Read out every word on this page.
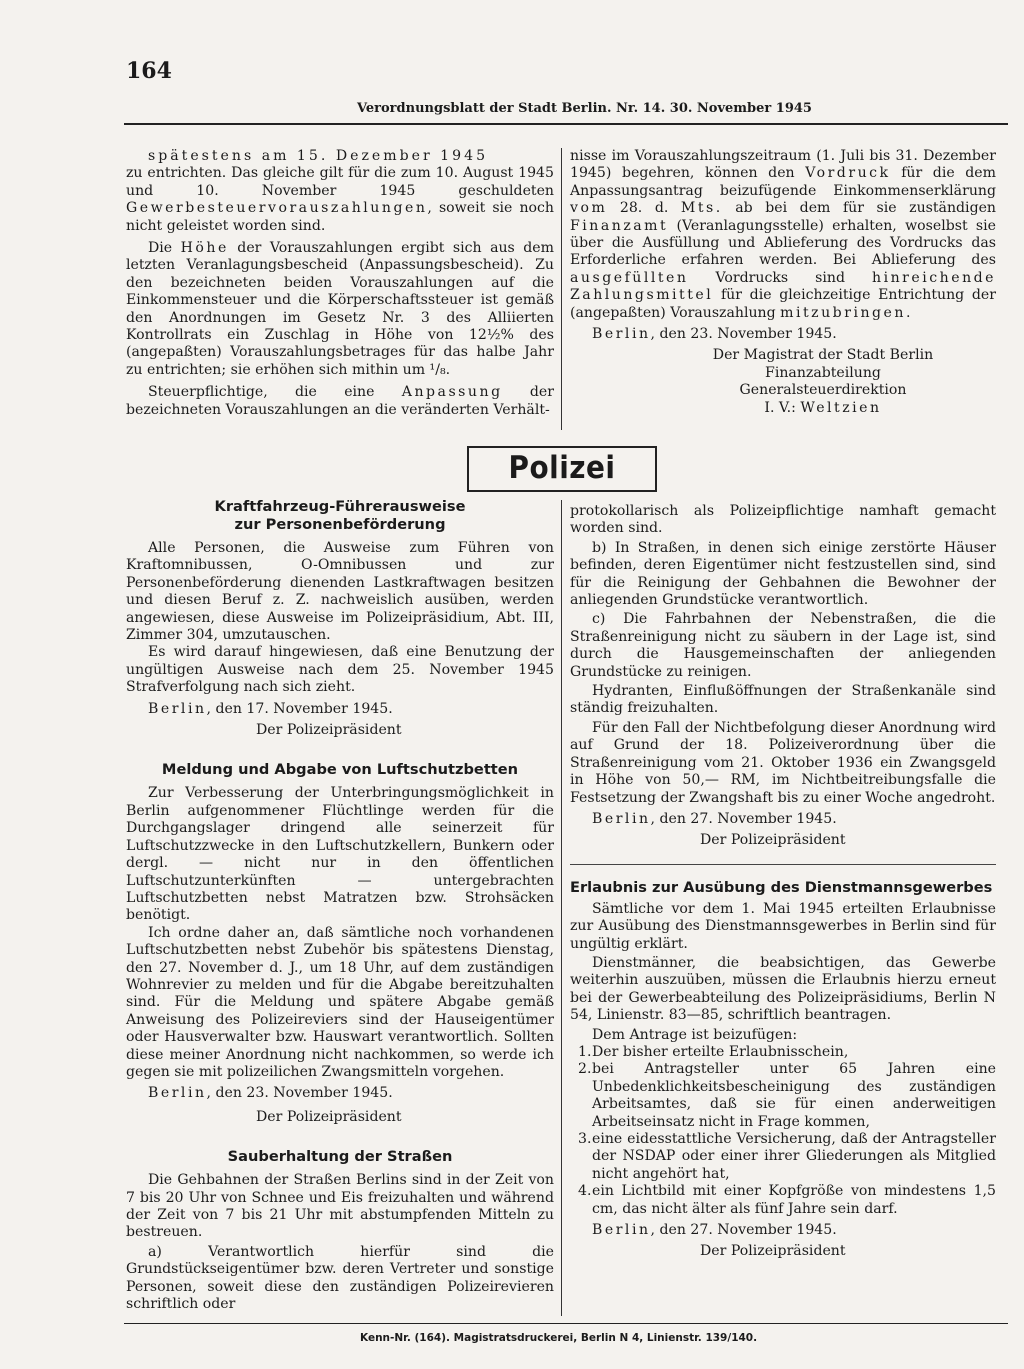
164
Verordnungsblatt der Stadt Berlin. Nr. 14. 30. November 1945

spätestens am 15. Dezember 1945
zu entrichten. Das gleiche gilt für die zum 10. August 1945 und 10. November 1945 geschuldeten Gewerbesteuervorauszahlungen, soweit sie noch nicht geleistet worden sind.

Die Höhe der Vorauszahlungen ergibt sich aus dem letzten Veranlagungsbescheid (Anpassungsbescheid). Zu den bezeichneten beiden Vorauszahlungen auf die Einkommensteuer und die Körperschaftssteuer ist gemäß den Anordnungen im Gesetz Nr. 3 des Alliierten Kontrollrats ein Zuschlag in Höhe von 12½% des (angepaßten) Vorauszahlungsbetrages für das halbe Jahr zu entrichten; sie erhöhen sich mithin um ¹/₈.

Steuerpflichtige, die eine Anpassung der bezeichneten Vorauszahlungen an die veränderten Verhält-

nisse im Vorauszahlungszeitraum (1. Juli bis 31. Dezember 1945) begehren, können den Vordruck für die dem Anpassungsantrag beizufügende Einkommenserklärung vom 28. d. Mts. ab bei dem für sie zuständigen Finanzamt (Veranlagungsstelle) erhalten, woselbst sie über die Ausfüllung und Ablieferung des Vordrucks das Erforderliche erfahren werden. Bei Ablieferung des ausgefüllten Vordrucks sind hinreichende Zahlungsmittel für die gleichzeitige Entrichtung der (angepaßten) Vorauszahlung mitzubringen.

Berlin, den 23. November 1945.

Der Magistrat der Stadt Berlin

Finanzabteilung

Generalsteuerdirektion

I. V.: Weltzien

Polizei
Kraftfahrzeug-Führerausweise
zur Personenbeförderung

Alle Personen, die Ausweise zum Führen von Kraftomnibussen, O-Omnibussen und zur Personenbeförderung dienenden Lastkraftwagen besitzen und diesen Beruf z. Z. nachweislich ausüben, werden angewiesen, diese Ausweise im Polizeipräsidium, Abt. III, Zimmer 304, umzutauschen.

Es wird darauf hingewiesen, daß eine Benutzung der ungültigen Ausweise nach dem 25. November 1945 Strafverfolgung nach sich zieht.

Berlin, den 17. November 1945.

Der Polizeipräsident

Meldung und Abgabe von Luftschutzbetten

Zur Verbesserung der Unterbringungsmöglichkeit in Berlin aufgenommener Flüchtlinge werden für die Durchgangslager dringend alle seinerzeit für Luftschutzzwecke in den Luftschutzkellern, Bunkern oder dergl. — nicht nur in den öffentlichen Luftschutzunterkünften — untergebrachten Luftschutzbetten nebst Matratzen bzw. Strohsäcken benötigt.

Ich ordne daher an, daß sämtliche noch vorhandenen Luftschutzbetten nebst Zubehör bis spätestens Dienstag, den 27. November d. J., um 18 Uhr, auf dem zuständigen Wohnrevier zu melden und für die Abgabe bereitzuhalten sind. Für die Meldung und spätere Abgabe gemäß Anweisung des Polizeireviers sind der Hauseigentümer oder Hausverwalter bzw. Hauswart verantwortlich. Sollten diese meiner Anordnung nicht nachkommen, so werde ich gegen sie mit polizeilichen Zwangsmitteln vorgehen.

Berlin, den 23. November 1945.

Der Polizeipräsident

Sauberhaltung der Straßen

Die Gehbahnen der Straßen Berlins sind in der Zeit von 7 bis 20 Uhr von Schnee und Eis freizuhalten und während der Zeit von 7 bis 21 Uhr mit abstumpfenden Mitteln zu bestreuen.

a) Verantwortlich hierfür sind die Grundstückseigentümer bzw. deren Vertreter und sonstige Personen, soweit diese den zuständigen Polizeirevieren schriftlich oder

protokollarisch als Polizeipflichtige namhaft gemacht worden sind.

b) In Straßen, in denen sich einige zerstörte Häuser befinden, deren Eigentümer nicht festzustellen sind, sind für die Reinigung der Gehbahnen die Bewohner der anliegenden Grundstücke verantwortlich.

c) Die Fahrbahnen der Nebenstraßen, die die Straßenreinigung nicht zu säubern in der Lage ist, sind durch die Hausgemeinschaften der anliegenden Grundstücke zu reinigen.

Hydranten, Einflußöffnungen der Straßenkanäle sind ständig freizuhalten.

Für den Fall der Nichtbefolgung dieser Anordnung wird auf Grund der 18. Polizeiverordnung über die Straßenreinigung vom 21. Oktober 1936 ein Zwangsgeld in Höhe von 50,— RM, im Nichtbeitreibungsfalle die Festsetzung der Zwangshaft bis zu einer Woche angedroht.

Berlin, den 27. November 1945.

Der Polizeipräsident

Erlaubnis zur Ausübung des Dienstmannsgewerbes

Sämtliche vor dem 1. Mai 1945 erteilten Erlaubnisse zur Ausübung des Dienstmannsgewerbes in Berlin sind für ungültig erklärt.

Dienstmänner, die beabsichtigen, das Gewerbe weiterhin auszuüben, müssen die Erlaubnis hierzu erneut bei der Gewerbeabteilung des Polizeipräsidiums, Berlin N 54, Linienstr. 83—85, schriftlich beantragen.

Dem Antrage ist beizufügen:

1. Der bisher erteilte Erlaubnisschein,
2. bei Antragsteller unter 65 Jahren eine Unbedenklichkeitsbescheinigung des zuständigen Arbeitsamtes, daß sie für einen anderweitigen Arbeitseinsatz nicht in Frage kommen,
3. eine eidesstattliche Versicherung, daß der Antragsteller der NSDAP oder einer ihrer Gliederungen als Mitglied nicht angehört hat,
4. ein Lichtbild mit einer Kopfgröße von mindestens 1,5 cm, das nicht älter als fünf Jahre sein darf.

Berlin, den 27. November 1945.

Der Polizeipräsident

Kenn-Nr. (164). Magistratsdruckerei, Berlin N 4, Linienstr. 139/140.
